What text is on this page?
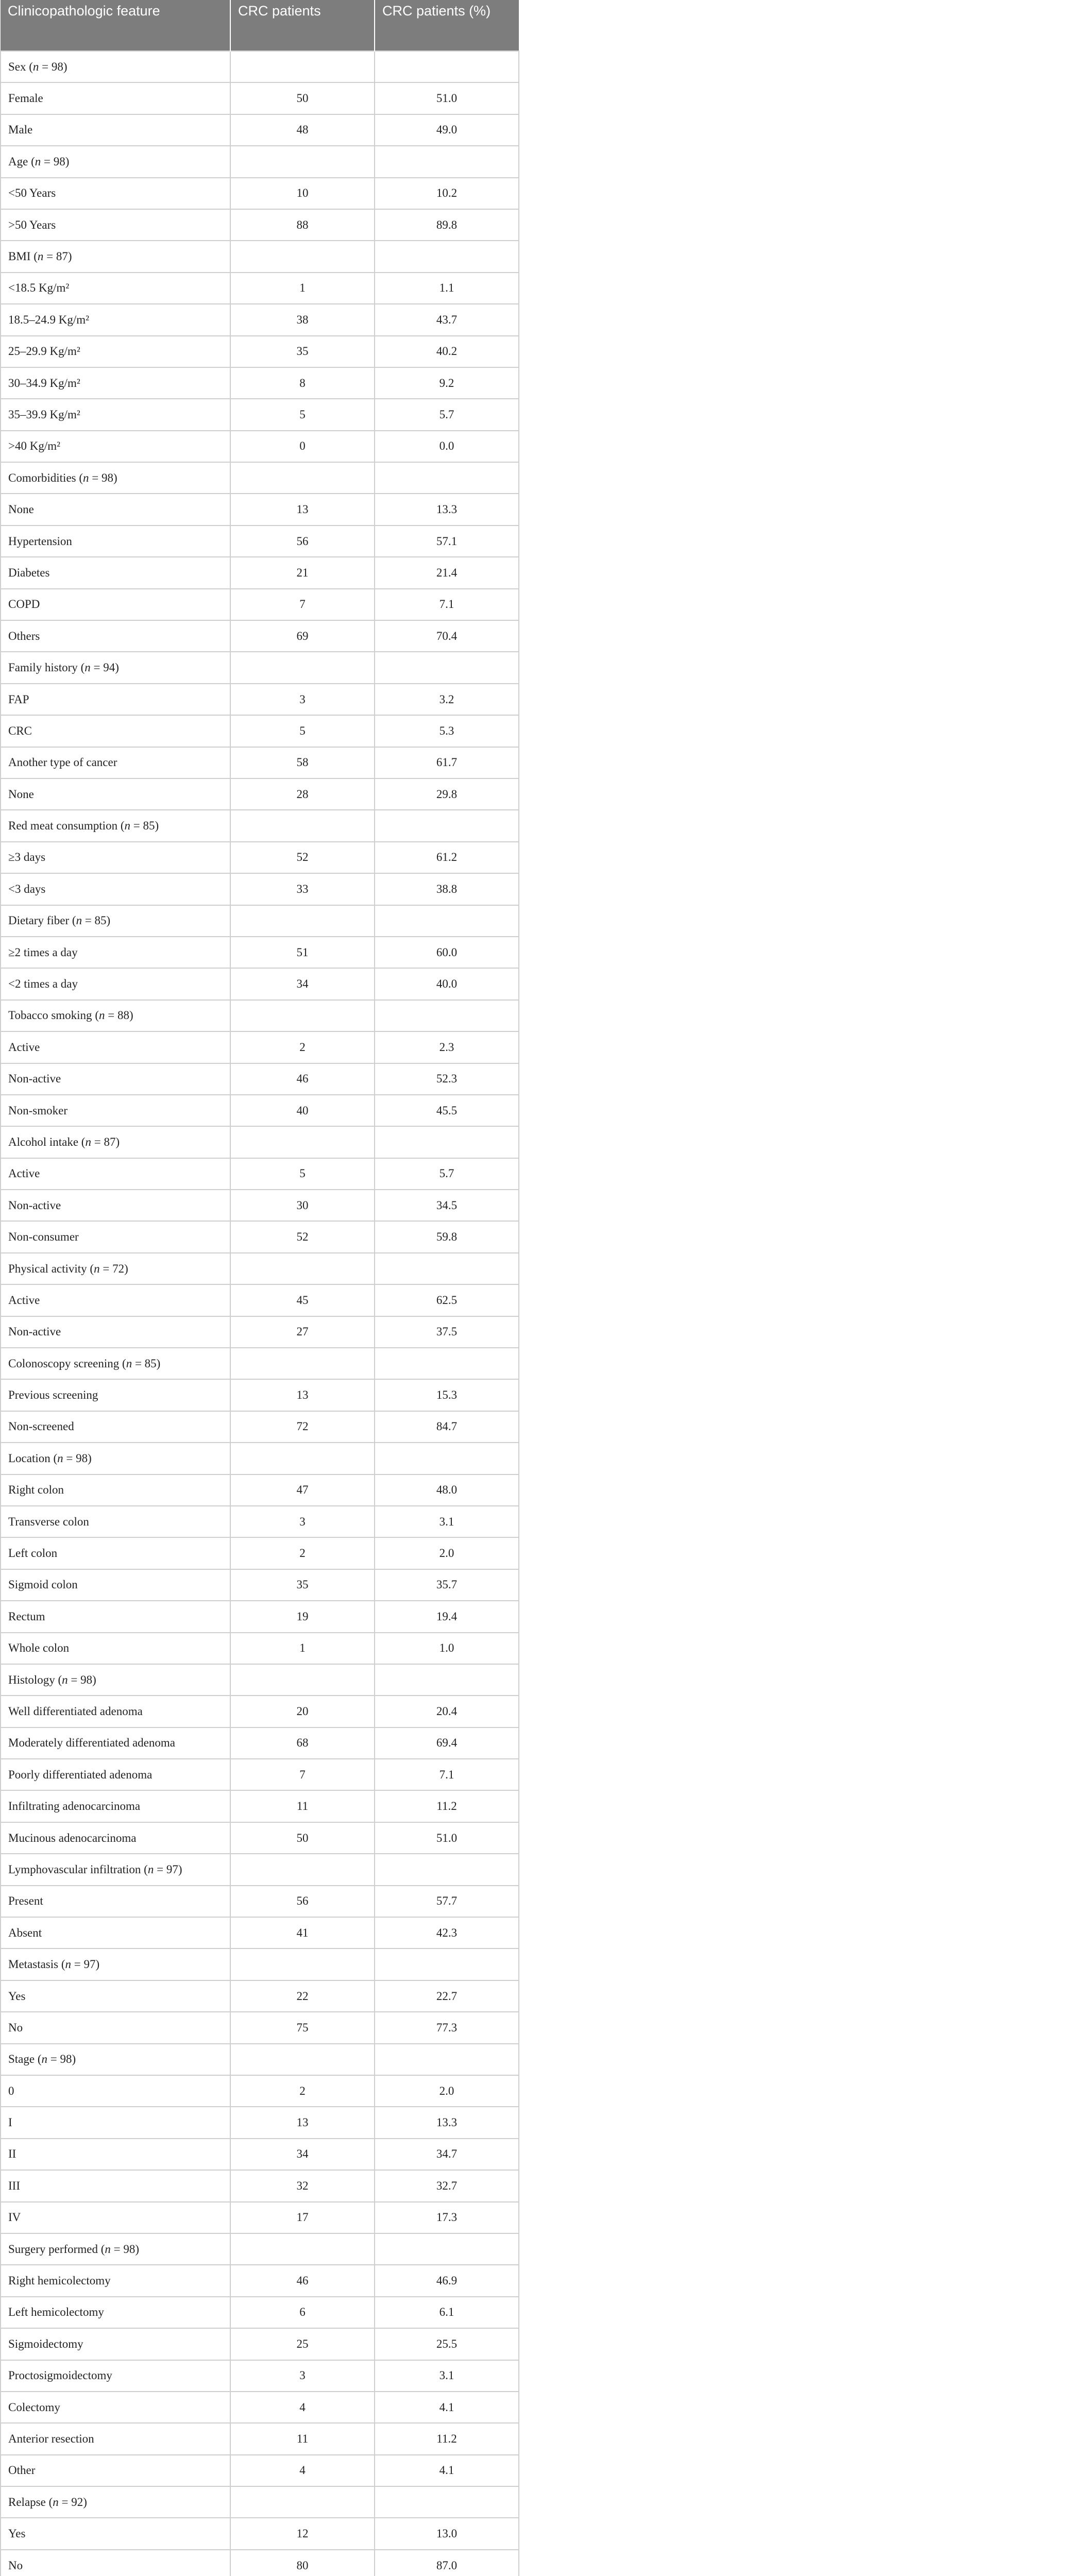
Clinicopathologic feature	CRC patients	CRC patients (%)
Sex (n = 98)		
Female	50	51.0
Male	48	49.0
Age (n = 98)		
<50 Years	10	10.2
>50 Years	88	89.8
BMI (n = 87)		
<18.5 Kg/m²	1	1.1
18.5–24.9 Kg/m²	38	43.7
25–29.9 Kg/m²	35	40.2
30–34.9 Kg/m²	8	9.2
35–39.9 Kg/m²	5	5.7
>40 Kg/m²	0	0.0
Comorbidities (n = 98)		
None	13	13.3
Hypertension	56	57.1
Diabetes	21	21.4
COPD	7	7.1
Others	69	70.4
Family history (n = 94)		
FAP	3	3.2
CRC	5	5.3
Another type of cancer	58	61.7
None	28	29.8
Red meat consumption (n = 85)		
≥3 days	52	61.2
<3 days	33	38.8
Dietary fiber (n = 85)		
≥2 times a day	51	60.0
<2 times a day	34	40.0
Tobacco smoking (n = 88)		
Active	2	2.3
Non-active	46	52.3
Non-smoker	40	45.5
Alcohol intake (n = 87)		
Active	5	5.7
Non-active	30	34.5
Non-consumer	52	59.8
Physical activity (n = 72)		
Active	45	62.5
Non-active	27	37.5
Colonoscopy screening (n = 85)		
Previous screening	13	15.3
Non-screened	72	84.7
Location (n = 98)		
Right colon	47	48.0
Transverse colon	3	3.1
Left colon	2	2.0
Sigmoid colon	35	35.7
Rectum	19	19.4
Whole colon	1	1.0
Histology (n = 98)		
Well differentiated adenoma	20	20.4
Moderately differentiated adenoma	68	69.4
Poorly differentiated adenoma	7	7.1
Infiltrating adenocarcinoma	11	11.2
Mucinous adenocarcinoma	50	51.0
Lymphovascular infiltration (n = 97)		
Present	56	57.7
Absent	41	42.3
Metastasis (n = 97)		
Yes	22	22.7
No	75	77.3
Stage (n = 98)		
0	2	2.0
I	13	13.3
II	34	34.7
III	32	32.7
IV	17	17.3
Surgery performed (n = 98)		
Right hemicolectomy	46	46.9
Left hemicolectomy	6	6.1
Sigmoidectomy	25	25.5
Proctosigmoidectomy	3	3.1
Colectomy	4	4.1
Anterior resection	11	11.2
Other	4	4.1
Relapse (n = 92)		
Yes	12	13.0
No	80	87.0
